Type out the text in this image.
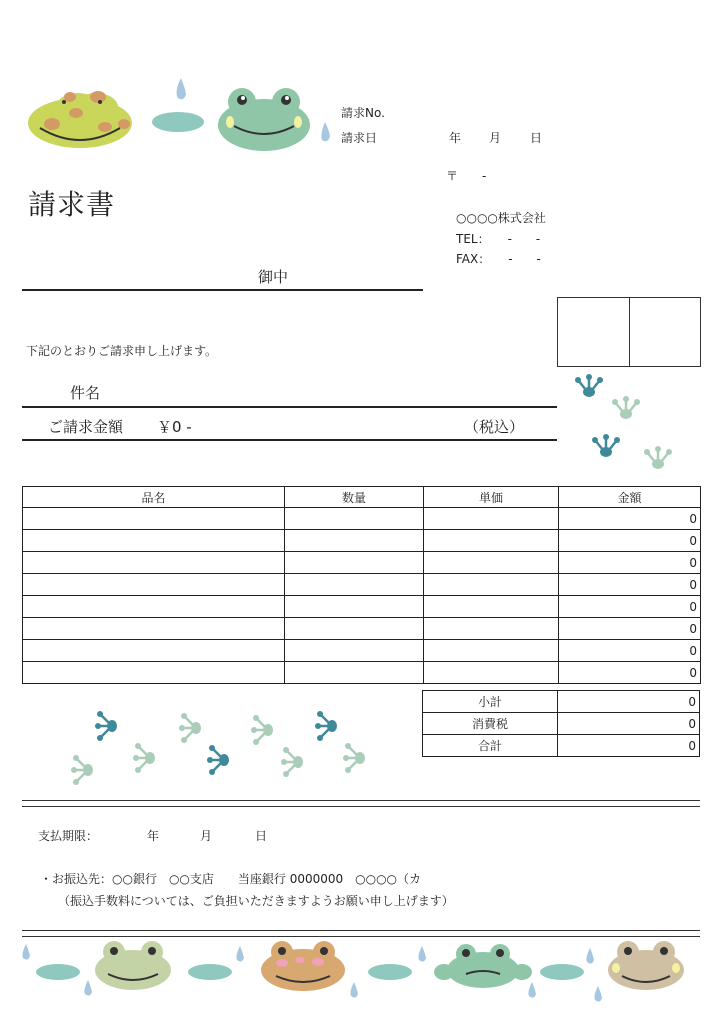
請求No.
請求日	年 月 日
請求書
〒　　-
○○○○株式会社
TEL：　　-　　-
FAX：　　-　　-
御中
下記のとおりご請求申し上げます。
件名
ご請求金額 ￥0 -	（税込）
品名	数量	単価	金額
			0
			0
			0
			0
			0
			0
			0
			0
小計	0
消費税	0
合計	0
支払期限：	年	月	日
・お振込先：○○銀行　○○支店　　当座銀行 0000000　○○○○（カ
（振込手数料については、ご負担いただきますようお願い申し上げます）
